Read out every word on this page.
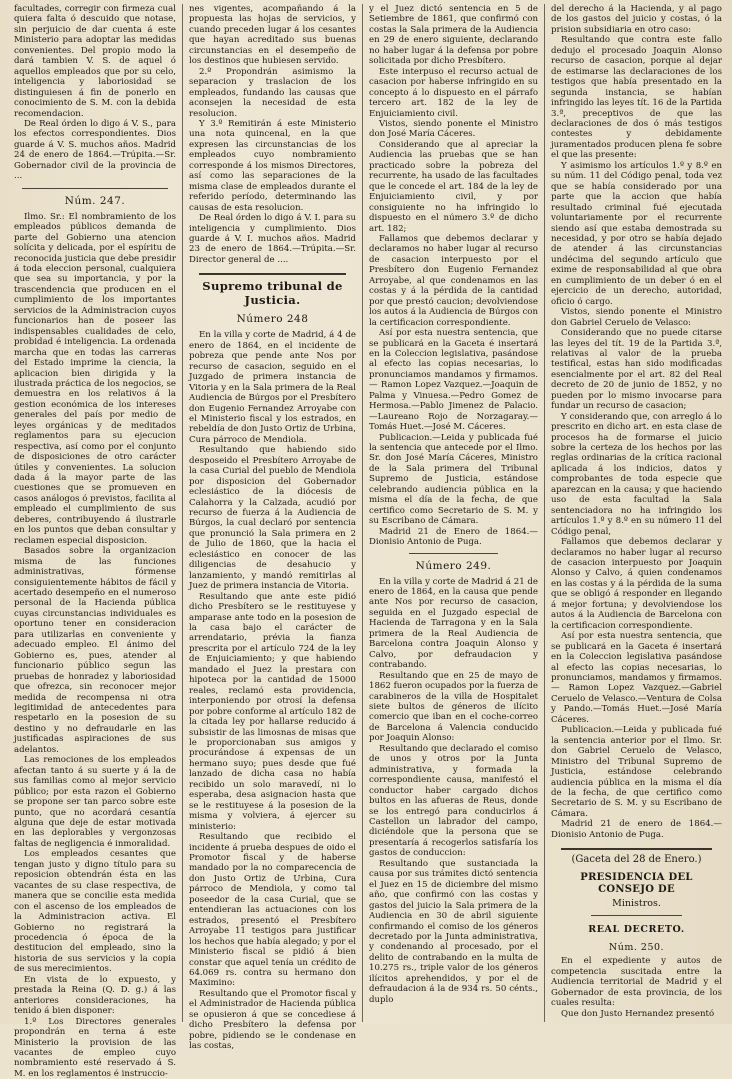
facultades, corregir con firmeza cual quiera falta ó descuido que notase, sin perjuicio de dar cuenta á este Ministerio para adoptar las medidas convenientes. Del propio modo la dará tambien V. S. de aquel ó aquellos empleados que por su celo, inteligencia y laboriosidad se distinguiesen á fin de ponerlo en conocimiento de S. M. con la debida recomendacion.

De Real órden lo digo á V. S., para los efectos correspondientes. Dios guarde á V. S. muchos años. Madrid 24 de enero de 1864.—Trúpita.—Sr. Gobernador civil de la provincia de ...

Núm. 247.

Ilmo. Sr.: El nombramiento de los empleados públicos demanda de parte del Gobierno una atencion solícita y delicada, por el espíritu de reconocida justicia que debe presidir á toda eleccion personal, cualquiera que sea su importancia, y por la trascendencia que producen en el cumplimiento de los importantes servicios de la Administracion cuyos funcionarios han de poseer las indispensables cualidades de celo, probidad é inteligencia. La ordenada marcha que en todas las carreras del Estado imprime la ciencia, la aplicacion bien dirigida y la ilustrada práctica de los negocios, se demuestra en los relativos á la gestion económica de los intereses generales del país por medio de leyes orgánicas y de meditados reglamentos para su ejecucion respectiva, así como por el conjunto de disposiciones de otro carácter útiles y convenientes. La solucion dada á la mayor parte de las cuestiones que se promueven en casos análogos ó previstos, facilita al empleado el cumplimiento de sus deberes, contribuyendo á ilustrarle en los puntos que deban consultar y reclamen especial disposicion.

Basados sobre la organizacion misma de las funciones administrativas, fórmense consiguientemente hábitos de fácil y acertado desempeño en el numeroso personal de la Hacienda pública cuyas circunstancias individuales es oportuno tener en consideracion para utilizarlas en conveniente y adecuado empleo. El ánimo del Gobierno es, pues, atender al funcionario público segun las pruebas de honradez y laboriosidad que ofrezca, sin reconocer mejor medida de recompensa ni otra legitimidad de antecedentes para respetarlo en la posesion de su destino y no defraudarle en las justificadas aspiraciones de sus adelantos.

Las remociones de los empleados afectan tanto á su suerte y á la de sus familias como al mejor servicio público; por esta razon el Gobierno se propone ser tan parco sobre este punto, que no acordará cesantía alguna que deje de estar motivada en las deplorables y vergonzosas faltas de negligencia é inmoralidad.

Los empleados cesantes que tengan justo y digno título para su reposicion obtendrán ésta en las vacantes de su clase respectiva, de manera que se concilie esta medida con el ascenso de los empleados de la Administracion activa. El Gobierno no registrará la procedencia ó época de la destitucion del empleado, sino la historia de sus servicios y la copia de sus merecimientos.

En vista de lo expuesto, y prestada la Reina (Q. D. g.) á las anteriores consideraciones, ha tenido á bien disponer:

1.º Los Directores generales propondrán en terna á este Ministerio la provision de las vacantes de empleo cuyo nombramiento esté reservado á S. M. en los reglamentos é instruccio-

nes vigentes, acompañando á la propuesta las hojas de servicios, y cuando preceden lugar á los cesantes que hayan acreditado sus buenas circunstancias en el desempeño de los destinos que hubiesen servido.

2.º Propondrán asimismo la separacion y traslacion de los empleados, fundando las causas que aconsejen la necesidad de esta resolucion.

Y 3.º Remitirán á este Ministerio una nota quincenal, en la que expresen las circunstancias de los empleados cuyo nombramiento corresponde á los mismos Directores, así como las separaciones de la misma clase de empleados durante el referido período, determinando las causas de esta resolucion.

De Real órden lo digo á V. I. para su inteligencia y cumplimiento. Dios guarde á V. I. muchos años. Madrid 23 de enero de 1864.—Trúpita.—Sr. Director general de ....

Supremo tribunal de Justicia.
Número 248

En la villa y corte de Madrid, á 4 de enero de 1864, en el incidente de pobreza que pende ante Nos por recurso de casacion, seguido en el Juzgado de primera instancia de Vitoria y en la Sala primera de la Real Audiencia de Búrgos por el Presbítero don Eugenio Fernandez Arroyabe con el Ministerio fiscal y los estrados, en rebeldía de don Justo Ortiz de Urbina, Cura párroco de Mendiola.

Resultando que habiendo sido desposeido el Presbítero Arroyabe de la casa Curial del pueblo de Mendiola por disposicion del Gobernador eclesiástico de la diócesis de Calahorra y la Calzada, acudió por recurso de fuerza á la Audiencia de Búrgos, la cual declaró por sentencia que pronunció la Sala primera en 2 de Julio de 1860, que la hacia el eclesiástico en conocer de las diligencias de desahucio y lanzamiento, y mandó remitirlas al Juez de primera instancia de Vitoria.

Resultando que ante este pidió dicho Presbítero se le restituyese y amparase ante todo en la posesion de la casa bajo el carácter de arrendatario, prévia la fianza prescrita por el artículo 724 de la ley de Enjuiciamiento; y que habiendo mandado el Juez la prestara con hipoteca por la cantidad de 15000 reales, reclamó esta providencia, interponiendo por otrosí la defensa por pobre conforme al artículo 182 de la citada ley por hallarse reducido á subsistir de las limosnas de misas que le proporcionaban sus amigos y procurándose á expensas de un hermano suyo; pues desde que fué lanzado de dicha casa no había recibido un solo maravedí, ni lo esperaba, desa asignacion hasta que se le restituyese á la posesion de la misma y volviera, á ejercer su ministerio:

Resultando que recibido el incidente á prueba despues de oido el Promotor fiscal y de haberse mandado por la no comparecencia de don Justo Ortiz de Urbina, Cura párroco de Mendiola, y como tal poseedor de la casa Curial, que se entendieran las actuaciones con los estrados, presentó el Presbítero Arroyabe 11 testigos para justificar los hechos que había alegado; y por el Ministerio fiscal se pidió á bien constar que aquel tenía un crédito de 64.069 rs. contra su hermano don Maximino:

Resultando que el Promotor fiscal y el Administrador de Hacienda pública se opusieron á que se concediese á dicho Presbítero la defensa por pobre, pidiendo se le condenase en las costas,

y el Juez dictó sentencia en 5 de Setiembre de 1861, que confirmó con costas la Sala primera de la Audiencia en 29 de enero siguiente, declarando no haber lugar á la defensa por pobre solicitada por dicho Presbítero.

Este interpuso el recurso actual de casacion por haberse infringido en su concepto á lo dispuesto en el párrafo tercero art. 182 de la ley de Enjuiciamiento civil.

Vistos, siendo ponente el Ministro don José María Cáceres.

Considerando que al apreciar la Audiencia las pruebas que se han practicado sobre la pobreza del recurrente, ha usado de las facultades que le concede el art. 184 de la ley de Enjuiciamiento civil, y por consiguiente no ha infringido lo dispuesto en el número 3.º de dicho art. 182;

Fallamos que debemos declarar y declaramos no haber lugar al recurso de casacion interpuesto por el Presbítero don Eugenio Fernandez Arroyabe, al que condenamos en las costas y á la pérdida de la cantidad por que prestó caucion; devolviendose los autos á la Audiencia de Búrgos con la certificacion correspondiente.

Así por esta nuestra sentencia, que se publicará en la Gaceta é insertará en la Coleccion legislativa, pasándose al efecto las copias necesarias, lo pronunciamos mandamos y firmamos.— Ramon Lopez Vazquez.—Joaquin de Palma y Vinuesa.—Pedro Gomez de Hermosa.—Pablo Jimenez de Palacio.—Laureano Rojo de Norzagaray.—Tomás Huet.—José M. Cáceres.

Publicacion.—Leida y publicada fué la sentencia que antecede por el Ilmo. Sr. don José María Cáceres, Ministro de la Sala primera del Tribunal Supremo de Justicia, estándose celebrando audiencia pública en la misma el día de la fecha, de que certifico como Secretario de S. M. y su Escribano de Cámara.

Madrid 21 de Enero de 1864.— Dionisio Antonio de Puga.

Número 249.

En la villa y corte de Madrid á 21 de enero de 1864, en la causa que pende ante Nos por recurso de casacion, seguida en el Juzgado especial de Hacienda de Tarragona y en la Sala primera de la Real Audiencia de Barcelona contra Joaquin Alonso y Calvo, por defraudacion y contrabando.

Resultando que en 25 de mayo de 1862 fueron ocupados por la fuerza de carabineros de la villa de Hospitalet siete bultos de géneros de ilícito comercio que iban en el coche-correo de Barcelona á Valencia conducido por Joaquin Alonso:

Resultando que declarado el comiso de unos y otros por la Junta administrativa, y formada la correspondiente causa, manifestó el conductor haber cargado dichos bultos en las afueras de Reus, donde se los entregó para conducirlos á Castellon un labrador del campo, diciéndole que la persona que se presentaría á recogerlos satisfaría los gastos de conduccion:

Resultando que sustanciada la causa por sus trámites dictó sentencia el Juez en 15 de diciembre del mismo año, que confirmó con las costas y gastos del juicio la Sala primera de la Audiencia en 30 de abril siguiente confirmando el comiso de los géneros decretado por la Junta administrativa, y condenando al procesado, por el delito de contrabando en la multa de 10.275 rs., triple valor de los géneros ilícitos aprehendidos, y por el de defraudacion á la de 934 rs. 50 cénts., duplo

del derecho á la Hacienda, y al pago de los gastos del juicio y costas, ó la prision subsidiaria en otro caso:

Resultando que contra este fallo dedujo el procesado Joaquin Alonso recurso de casacion, porque al dejar de estimarse las declaraciones de los testigos que había presentado en la segunda instancia, se habían infringido las leyes tít. 16 de la Partida 3.ª, preceptivos de que las declaraciones de dos ó más testigos contestes y debidamente juramentados producen plena fe sobre el que las presente:

Y asimismo los artículos 1.º y 8.º en su núm. 11 del Código penal, toda vez que se había considerado por una parte que la accion que había resultado criminal fué ejecutada voluntariamente por el recurrente siendo así que estaba demostrada su necesidad, y por otro se había dejado de atender á las circunstancias undécima del segundo artículo que exime de responsabilidad al que obra en cumplimiento de un deber ó en el ejercicio de un derecho, autoridad, oficio ó cargo.

Vistos, siendo ponente el Ministro don Gabriel Ceruelo de Velasco:

Considerando que no puede citarse las leyes del tít. 19 de la Partida 3.ª, relativas al valor de la prueba testifical, estas han sido modificadas esencialmente por el art. 82 del Real decreto de 20 de junio de 1852, y no pueden por lo mismo invocarse para fundar un recurso de casacion;

Y considerando que, con arreglo á lo prescrito en dicho art. en esta clase de procesos ha de formarse el juicio sobre la certeza de los hechos por las reglas ordinarias de la crítica racional aplicada á los indicios, datos y comprobantes de toda especie que aparezcan en la causa; y que haciendo uso de esta facultad la Sala sentenciadora no ha infringido los artículos 1.º y 8.º en su número 11 del Código penal,

Fallamos que debemos declarar y declaramos no haber lugar al recurso de casacion interpuesto por Joaquin Alonso y Calvo, á quien condenamos en las costas y á la pérdida de la suma que se obligó á responder en llegando á mejor fortuna; y devolviendose los autos á la Audiencia de Barcelona con la certificacion correspondiente.

Así por esta nuestra sentencia, que se publicará en la Gaceta é insertará en la Coleccion legislativa pasándose al efecto las copias necesarias, lo pronunciamos, mandamos y firmamos.— Ramon Lopez Vazquez.—Gabriel Ceruelo de Velasco.—Ventura de Colsa y Pando.—Tomás Huet.—José María Cáceres.

Publicacion.—Leida y publicada fué la sentencia anterior por el Ilmo. Sr. don Gabriel Ceruelo de Velasco, Ministro del Tribunal Supremo de Justicia, estándose celebrando audiencia pública en la misma el día de la fecha, de que certifico como Secretario de S. M. y su Escribano de Cámara.

Madrid 21 de enero de 1864.— Dionisio Antonio de Puga.

(Gaceta del 28 de Enero.)
PRESIDENCIA DEL CONSEJO DE
Ministros.
REAL DECRETO.
Núm. 250.

En el expediente y autos de competencia suscitada entre la Audiencia territorial de Madrid y el Gobernador de esta provincia, de los cuales resulta:

Que don Justo Hernandez presentó
